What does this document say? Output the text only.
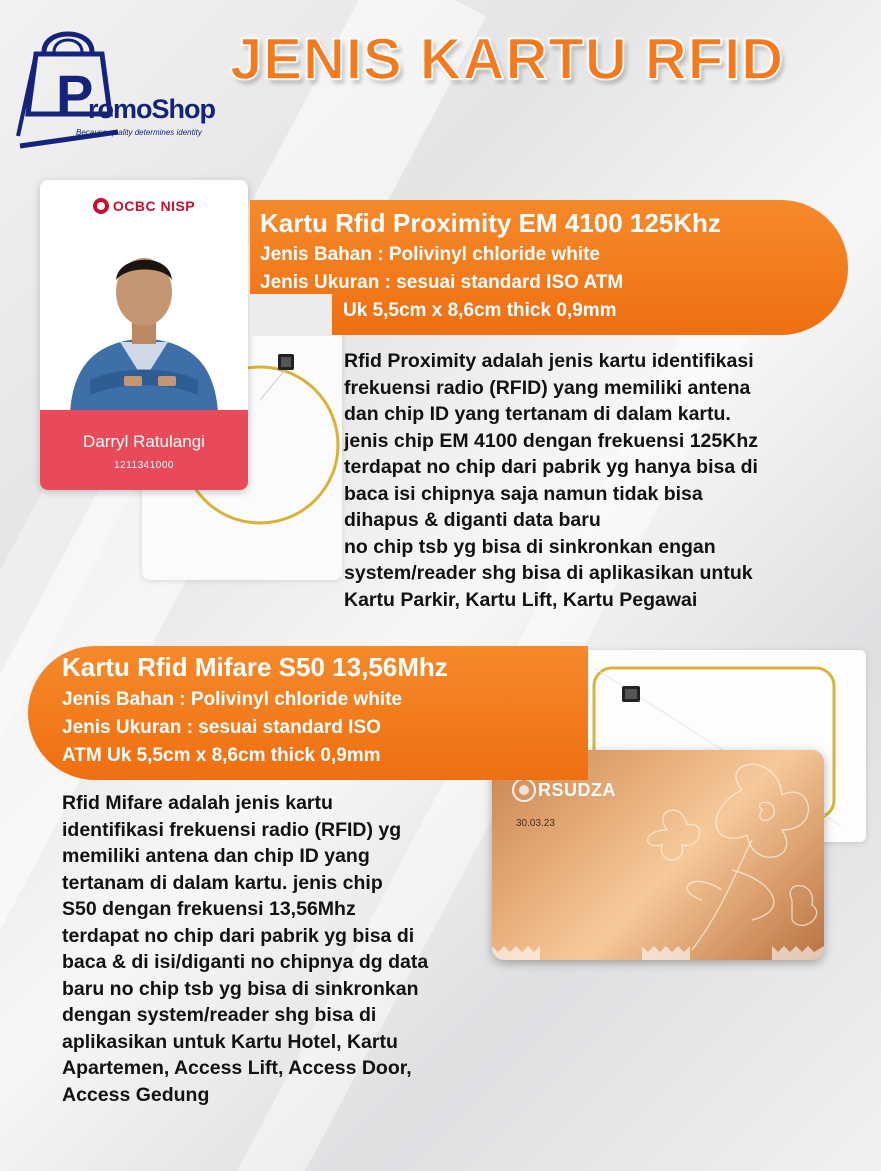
P
romoShop
Because quality determines identity
JENIS KARTU RFID
OCBC NISP
Darryl Ratulangi
1211341000
Kartu Rfid Proximity EM 4100 125Khz
Jenis Bahan : Polivinyl chloride white
Jenis Ukuran : sesuai standard ISO ATM
Uk 5,5cm x 8,6cm thick 0,9mm
Rfid Proximity adalah jenis kartu identifikasi
frekuensi radio (RFID) yang memiliki antena
dan chip ID yang tertanam di dalam kartu.
jenis chip EM 4100 dengan frekuensi 125Khz
terdapat no chip dari pabrik yg hanya bisa di
baca isi chipnya saja namun tidak bisa
dihapus & diganti data baru
no chip tsb yg bisa di sinkronkan engan
system/reader shg bisa di aplikasikan untuk
Kartu Parkir, Kartu Lift, Kartu Pegawai
RSUDZA
30.03.23
Kartu Rfid Mifare S50 13,56Mhz
Jenis Bahan : Polivinyl chloride white
Jenis Ukuran : sesuai standard ISO
ATM Uk 5,5cm x 8,6cm thick 0,9mm
Rfid Mifare adalah jenis kartu
identifikasi frekuensi radio (RFID) yg
memiliki antena dan chip ID yang
tertanam di dalam kartu. jenis chip
S50 dengan frekuensi 13,56Mhz
terdapat no chip dari pabrik yg bisa di
baca & di isi/diganti no chipnya dg data
baru no chip tsb yg bisa di sinkronkan
dengan system/reader shg bisa di
aplikasikan untuk Kartu Hotel, Kartu
Apartemen, Access Lift, Access Door,
Access Gedung
